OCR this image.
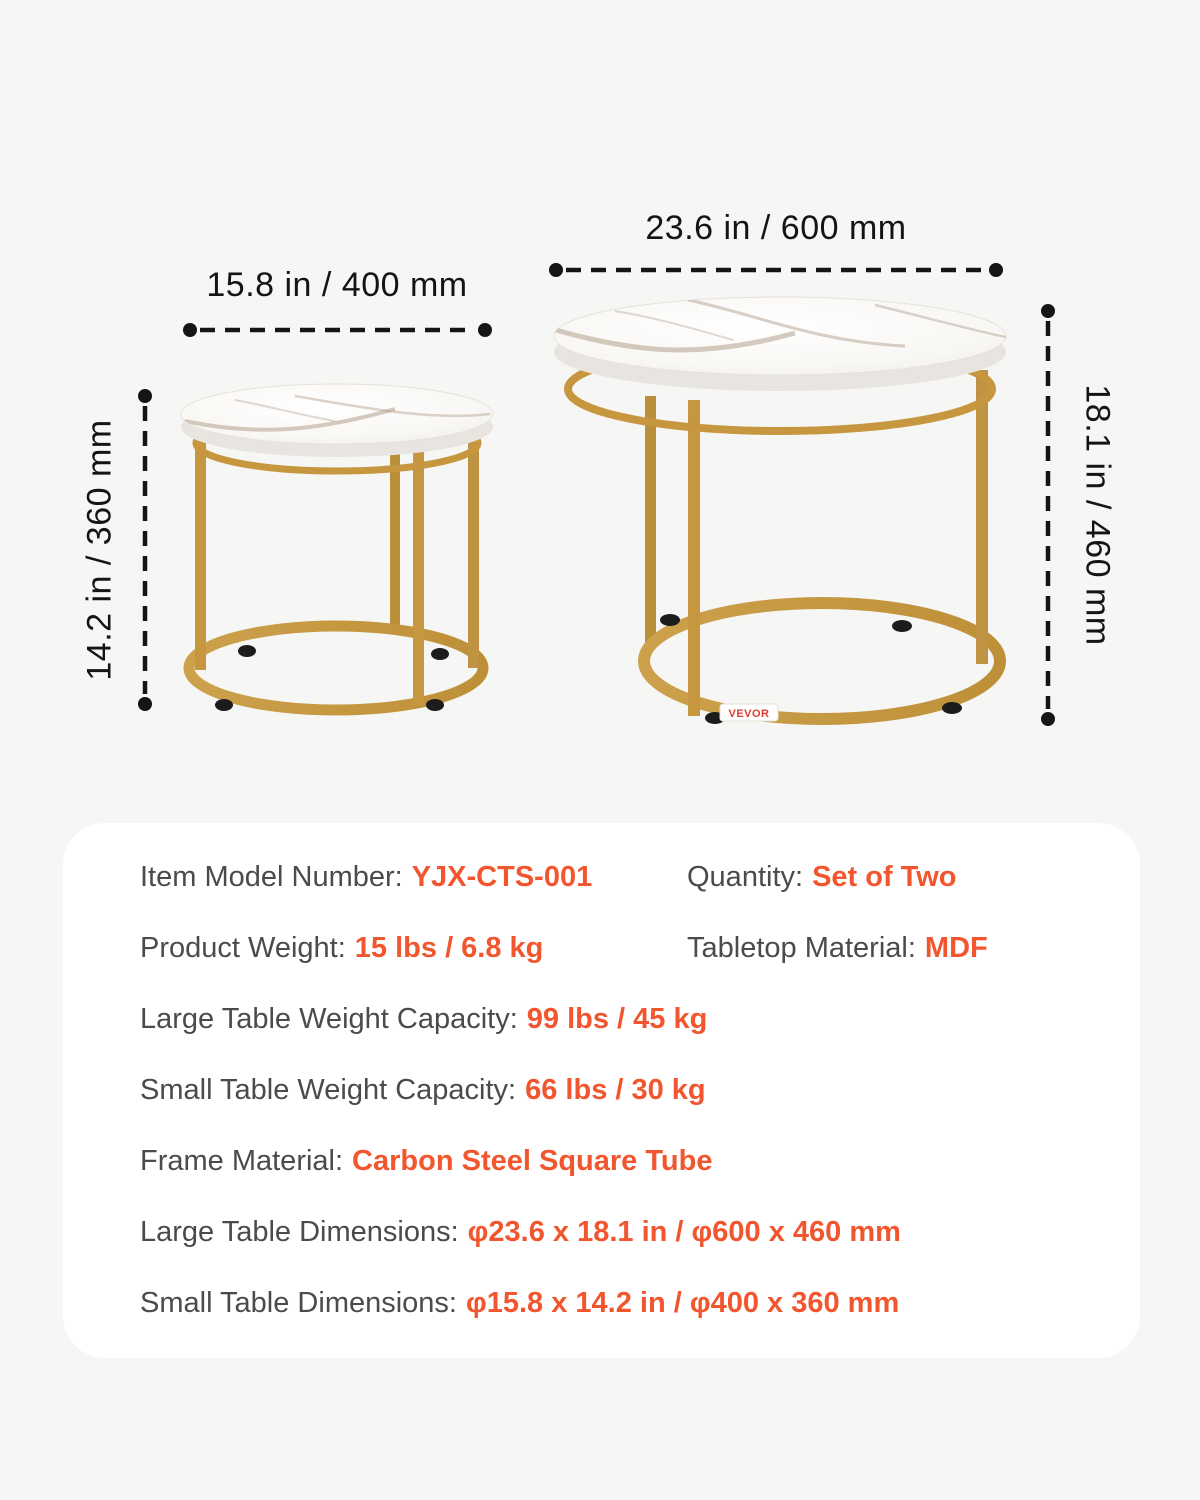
VEVOR
15.8 in / 400 mm
23.6 in / 600 mm
14.2 in / 360 mm	18.1 in / 460 mm
Item Model Number: YJX-CTS-001	Quantity: Set of Two
Product Weight: 15 lbs / 6.8 kg	Tabletop Material: MDF
Large Table Weight Capacity: 99 lbs / 45 kg
Small Table Weight Capacity: 66 lbs / 30 kg
Frame Material: Carbon Steel Square Tube
Large Table Dimensions: φ23.6 x 18.1 in / φ600 x 460 mm
Small Table Dimensions: φ15.8 x 14.2 in / φ400 x 360 mm
